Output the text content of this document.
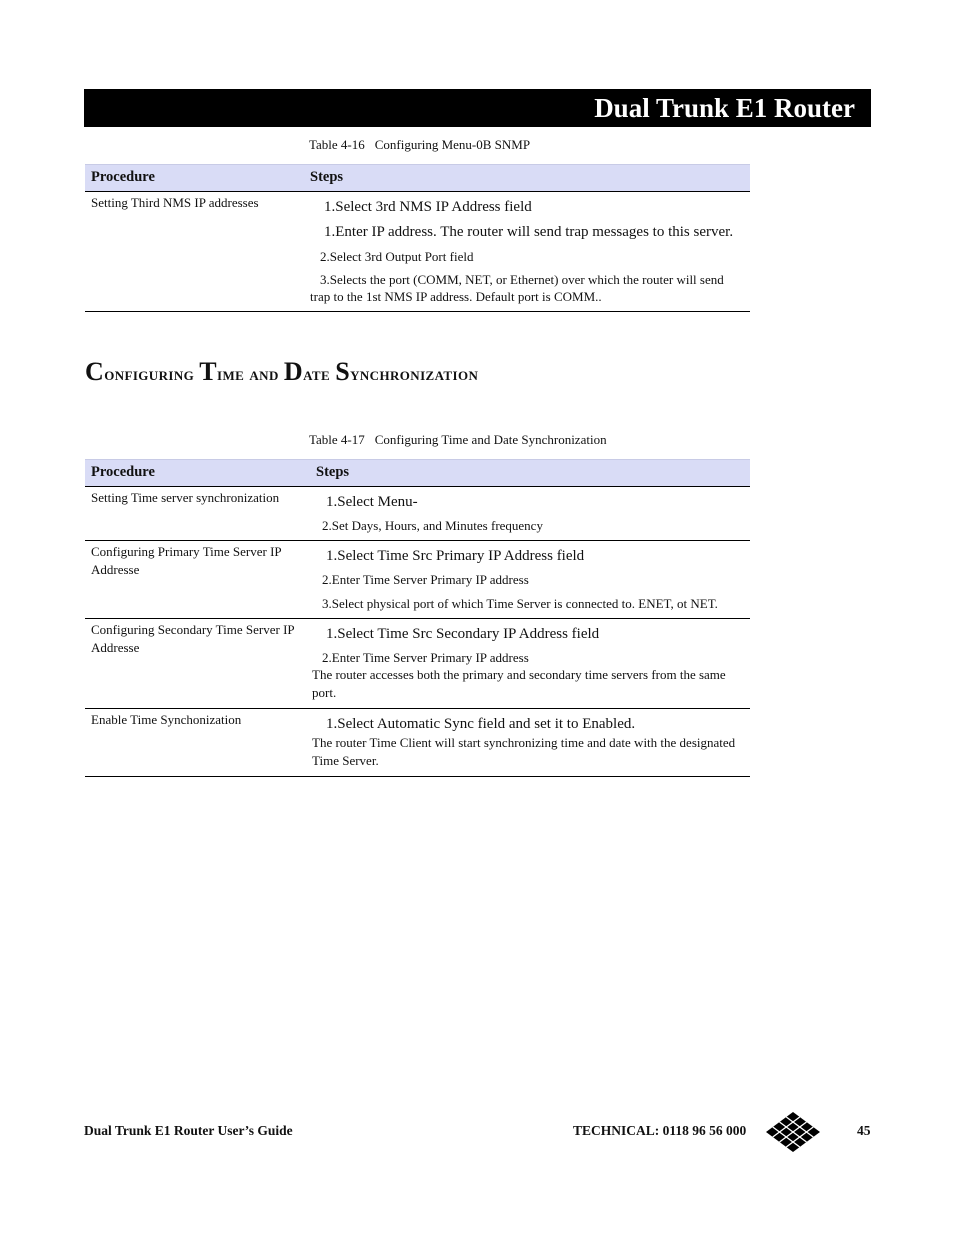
Dual Trunk E1 Router
Table 4-16 Configuring Menu-0B SNMP
Procedure	Steps
Setting Third NMS IP addresses	1.Select 3rd NMS IP Address field
1.Enter IP address. The router will send trap messages to this server.
2.Select 3rd Output Port field
3.Selects the port (COMM, NET, or Ethernet) over which the router will send trap to the 1st NMS IP address. Default port is COMM..
Configuring Time and Date Synchronization
Table 4-17 Configuring Time and Date Synchronization
Procedure	Steps
Setting Time server synchronization	1.Select Menu-
2.Set Days, Hours, and Minutes frequency

Configuring Primary Time Server IP Addresse	1.Select Time Src Primary IP Address field
2.Enter Time Server Primary IP address
3.Select physical port of which Time Server is connected to. ENET, ot NET.

Configuring Secondary Time Server IP Addresse	1.Select Time Src Secondary IP Address field
2.Enter Time Server Primary IP address
The router accesses both the primary and secondary time servers from the same port.

Enable Time Synchonization	1.Select Automatic Sync field and set it to Enabled.
The router Time Client will start synchronizing time and date with the designated Time Server.
Dual Trunk E1 Router User’s Guide	TECHNICAL: 0118 96 56 000	45
